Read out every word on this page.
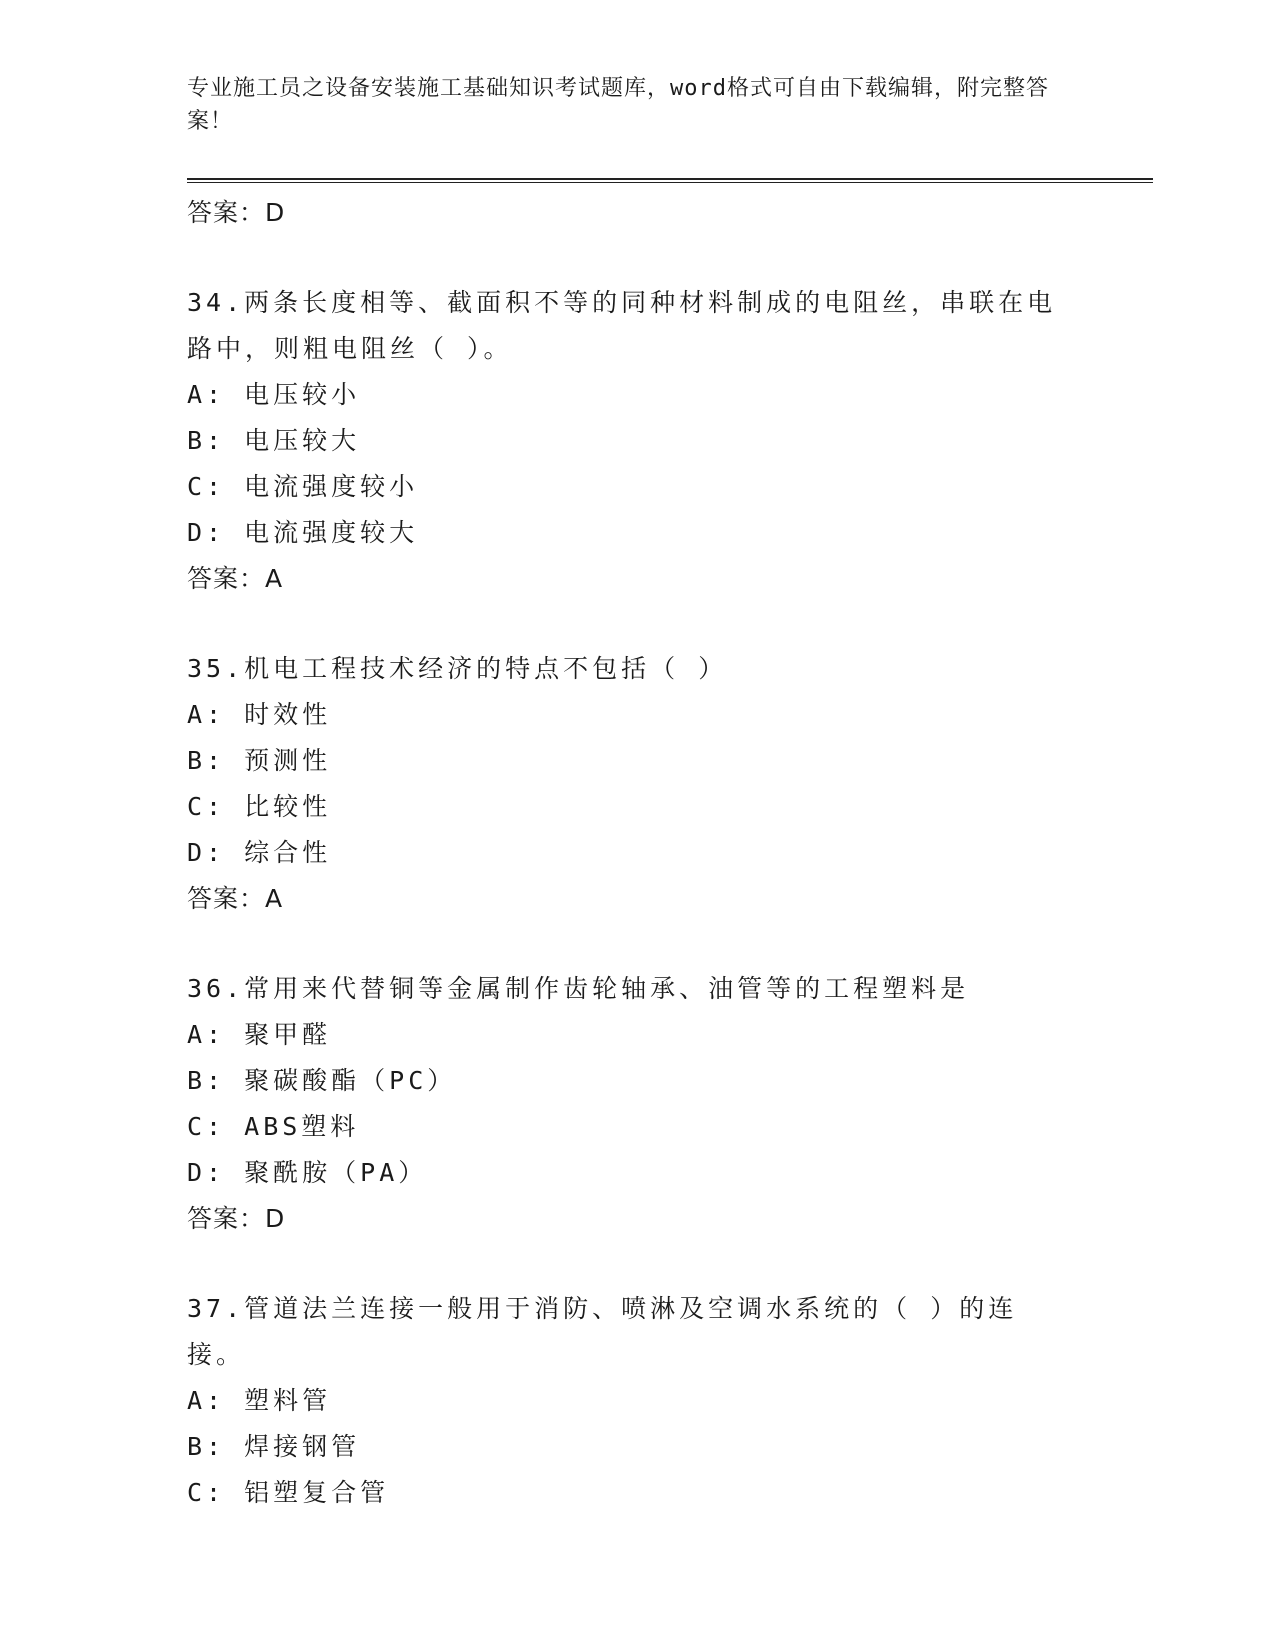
专业施工员之设备安装施工基础知识考试题库，word格式可自由下载编辑，附完整答案！
答案：D
34.两条长度相等、截面积不等的同种材料制成的电阻丝，串联在电路中，则粗电阻丝（ ）。
A: 电压较小
B: 电压较大
C: 电流强度较小
D: 电流强度较大
答案：A
35.机电工程技术经济的特点不包括（ ）
A: 时效性
B: 预测性
C: 比较性
D: 综合性
答案：A
36.常用来代替铜等金属制作齿轮轴承、油管等的工程塑料是
A: 聚甲醛
B: 聚碳酸酯（PC）
C: ABS塑料
D: 聚酰胺（PA）
答案：D
37.管道法兰连接一般用于消防、喷淋及空调水系统的（ ）的连接。
A: 塑料管
B: 焊接钢管
C: 铝塑复合管
